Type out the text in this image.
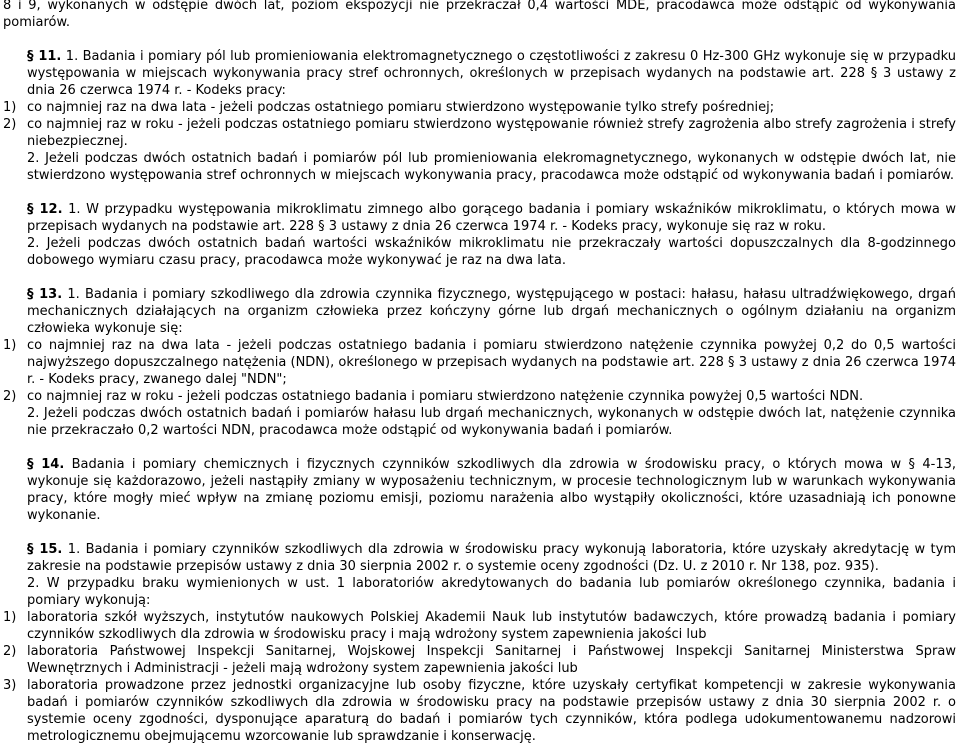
8 i 9, wykonanych w odstępie dwóch lat, poziom ekspozycji nie przekraczał 0,4 wartości MDE, pracodawca może odstąpić od wykonywania pomiarów.

§ 11. 1. Badania i pomiary pól lub promieniowania elektromagnetycznego o częstotliwości z zakresu 0 Hz-300 GHz wykonuje się w przypadku występowania w miejscach wykonywania pracy stref ochronnych, określonych w przepisach wydanych na podstawie art. 228 § 3 ustawy z dnia 26 czerwca 1974 r. - Kodeks pracy:

1) co najmniej raz na dwa lata - jeżeli podczas ostatniego pomiaru stwierdzono występowanie tylko strefy pośredniej;
2) co najmniej raz w roku - jeżeli podczas ostatniego pomiaru stwierdzono występowanie również strefy zagrożenia albo strefy zagrożenia i strefy niebezpiecznej.

2. Jeżeli podczas dwóch ostatnich badań i pomiarów pól lub promieniowania elekromagnetycznego, wykonanych w odstępie dwóch lat, nie stwierdzono występowania stref ochronnych w miejscach wykonywania pracy, pracodawca może odstąpić od wykonywania badań i pomiarów.

§ 12. 1. W przypadku występowania mikroklimatu zimnego albo gorącego badania i pomiary wskaźników mikroklimatu, o których mowa w przepisach wydanych na podstawie art. 228 § 3 ustawy z dnia 26 czerwca 1974 r. - Kodeks pracy, wykonuje się raz w roku.

2. Jeżeli podczas dwóch ostatnich badań wartości wskaźników mikroklimatu nie przekraczały wartości dopuszczalnych dla 8-godzinnego dobowego wymiaru czasu pracy, pracodawca może wykonywać je raz na dwa lata.

§ 13. 1. Badania i pomiary szkodliwego dla zdrowia czynnika fizycznego, występującego w postaci: hałasu, hałasu ultradźwiękowego, drgań mechanicznych działających na organizm człowieka przez kończyny górne lub drgań mechanicznych o ogólnym działaniu na organizm człowieka wykonuje się:

1) co najmniej raz na dwa lata - jeżeli podczas ostatniego badania i pomiaru stwierdzono natężenie czynnika powyżej 0,2 do 0,5 wartości najwyższego dopuszczalnego natężenia (NDN), określonego w przepisach wydanych na podstawie art. 228 § 3 ustawy z dnia 26 czerwca 1974 r. - Kodeks pracy, zwanego dalej "NDN";
2) co najmniej raz w roku - jeżeli podczas ostatniego badania i pomiaru stwierdzono natężenie czynnika powyżej 0,5 wartości NDN.

2. Jeżeli podczas dwóch ostatnich badań i pomiarów hałasu lub drgań mechanicznych, wykonanych w odstępie dwóch lat, natężenie czynnika nie przekraczało 0,2 wartości NDN, pracodawca może odstąpić od wykonywania badań i pomiarów.

§ 14. Badania i pomiary chemicznych i fizycznych czynników szkodliwych dla zdrowia w środowisku pracy, o których mowa w § 4-13, wykonuje się każdorazowo, jeżeli nastąpiły zmiany w wyposażeniu technicznym, w procesie technologicznym lub w warunkach wykonywania pracy, które mogły mieć wpływ na zmianę poziomu emisji, poziomu narażenia albo wystąpiły okoliczności, które uzasadniają ich ponowne wykonanie.

§ 15. 1. Badania i pomiary czynników szkodliwych dla zdrowia w środowisku pracy wykonują laboratoria, które uzyskały akredytację w tym zakresie na podstawie przepisów ustawy z dnia 30 sierpnia 2002 r. o systemie oceny zgodności (Dz. U. z 2010 r. Nr 138, poz. 935).

2. W przypadku braku wymienionych w ust. 1 laboratoriów akredytowanych do badania lub pomiarów określonego czynnika, badania i pomiary wykonują:

1) laboratoria szkół wyższych, instytutów naukowych Polskiej Akademii Nauk lub instytutów badawczych, które prowadzą badania i pomiary czynników szkodliwych dla zdrowia w środowisku pracy i mają wdrożony system zapewnienia jakości lub
2) laboratoria Państwowej Inspekcji Sanitarnej, Wojskowej Inspekcji Sanitarnej i Państwowej Inspekcji Sanitarnej Ministerstwa Spraw Wewnętrznych i Administracji - jeżeli mają wdrożony system zapewnienia jakości lub
3) laboratoria prowadzone przez jednostki organizacyjne lub osoby fizyczne, które uzyskały certyfikat kompetencji w zakresie wykonywania badań i pomiarów czynników szkodliwych dla zdrowia w środowisku pracy na podstawie przepisów ustawy z dnia 30 sierpnia 2002 r. o systemie oceny zgodności, dysponujące aparaturą do badań i pomiarów tych czynników, która podlega udokumentowanemu nadzorowi metrologicznemu obejmującemu wzorcowanie lub sprawdzanie i konserwację.
